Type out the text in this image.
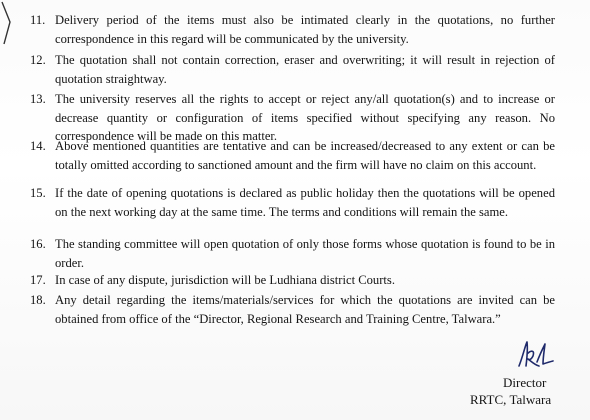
11. Delivery period of the items must also be intimated clearly in the quotations, no further correspondence in this regard will be communicated by the university.
12. The quotation shall not contain correction, eraser and overwriting; it will result in rejection of quotation straightway.
13. The university reserves all the rights to accept or reject any/all quotation(s) and to increase or decrease quantity or configuration of items specified without specifying any reason. No correspondence will be made on this matter.
14. Above mentioned quantities are tentative and can be increased/decreased to any extent or can be totally omitted according to sanctioned amount and the firm will have no claim on this account.
15. If the date of opening quotations is declared as public holiday then the quotations will be opened on the next working day at the same time. The terms and conditions will remain the same.
16. The standing committee will open quotation of only those forms whose quotation is found to be in order.
17. In case of any dispute, jurisdiction will be Ludhiana district Courts.
18. Any detail regarding the items/materials/services for which the quotations are invited can be obtained from office of the “Director, Regional Research and Training Centre, Talwara.”
Director
RRTC, Talwara
